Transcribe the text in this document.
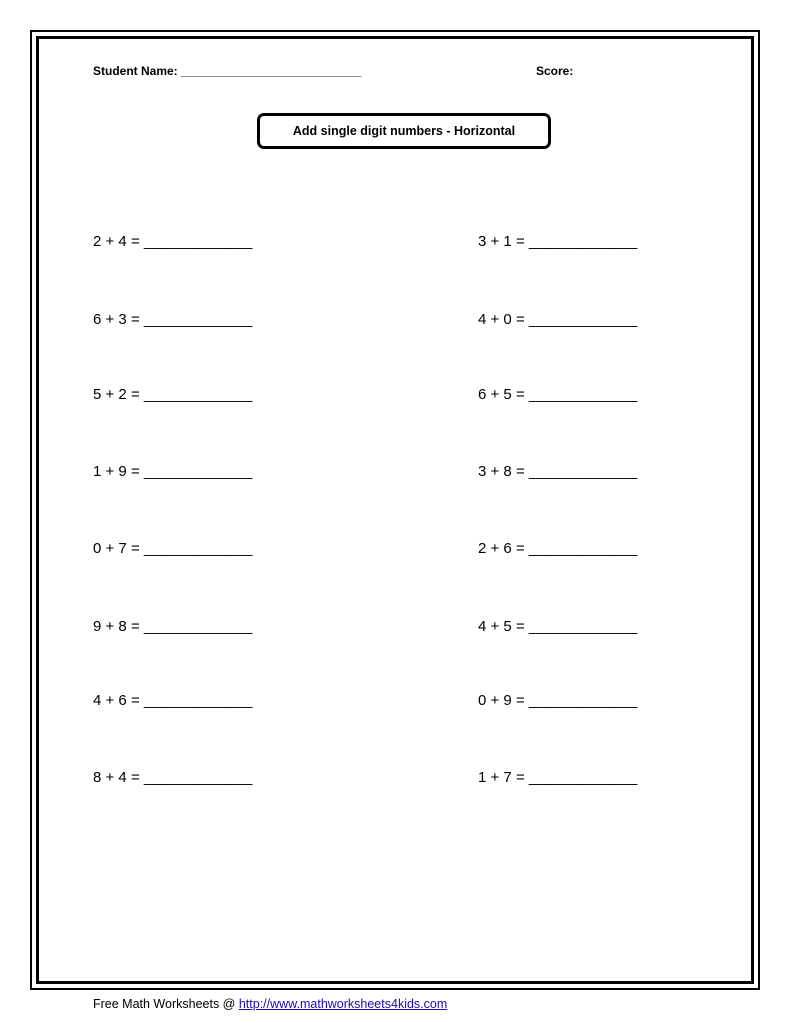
Student Name: ___________________________	Score:
Add single digit numbers - Horizontal
2 + 4 = _____________
6 + 3 = _____________
5 + 2 = _____________
1 + 9 = _____________
0 + 7 = _____________
9 + 8 = _____________
4 + 6 = _____________
8 + 4 = _____________
3 + 1 = _____________
4 + 0 = _____________
6 + 5 = _____________
3 + 8 = _____________
2 + 6 = _____________
4 + 5 = _____________
0 + 9 = _____________
1 + 7 = _____________
Free Math Worksheets @ http://www.mathworksheets4kids.com
